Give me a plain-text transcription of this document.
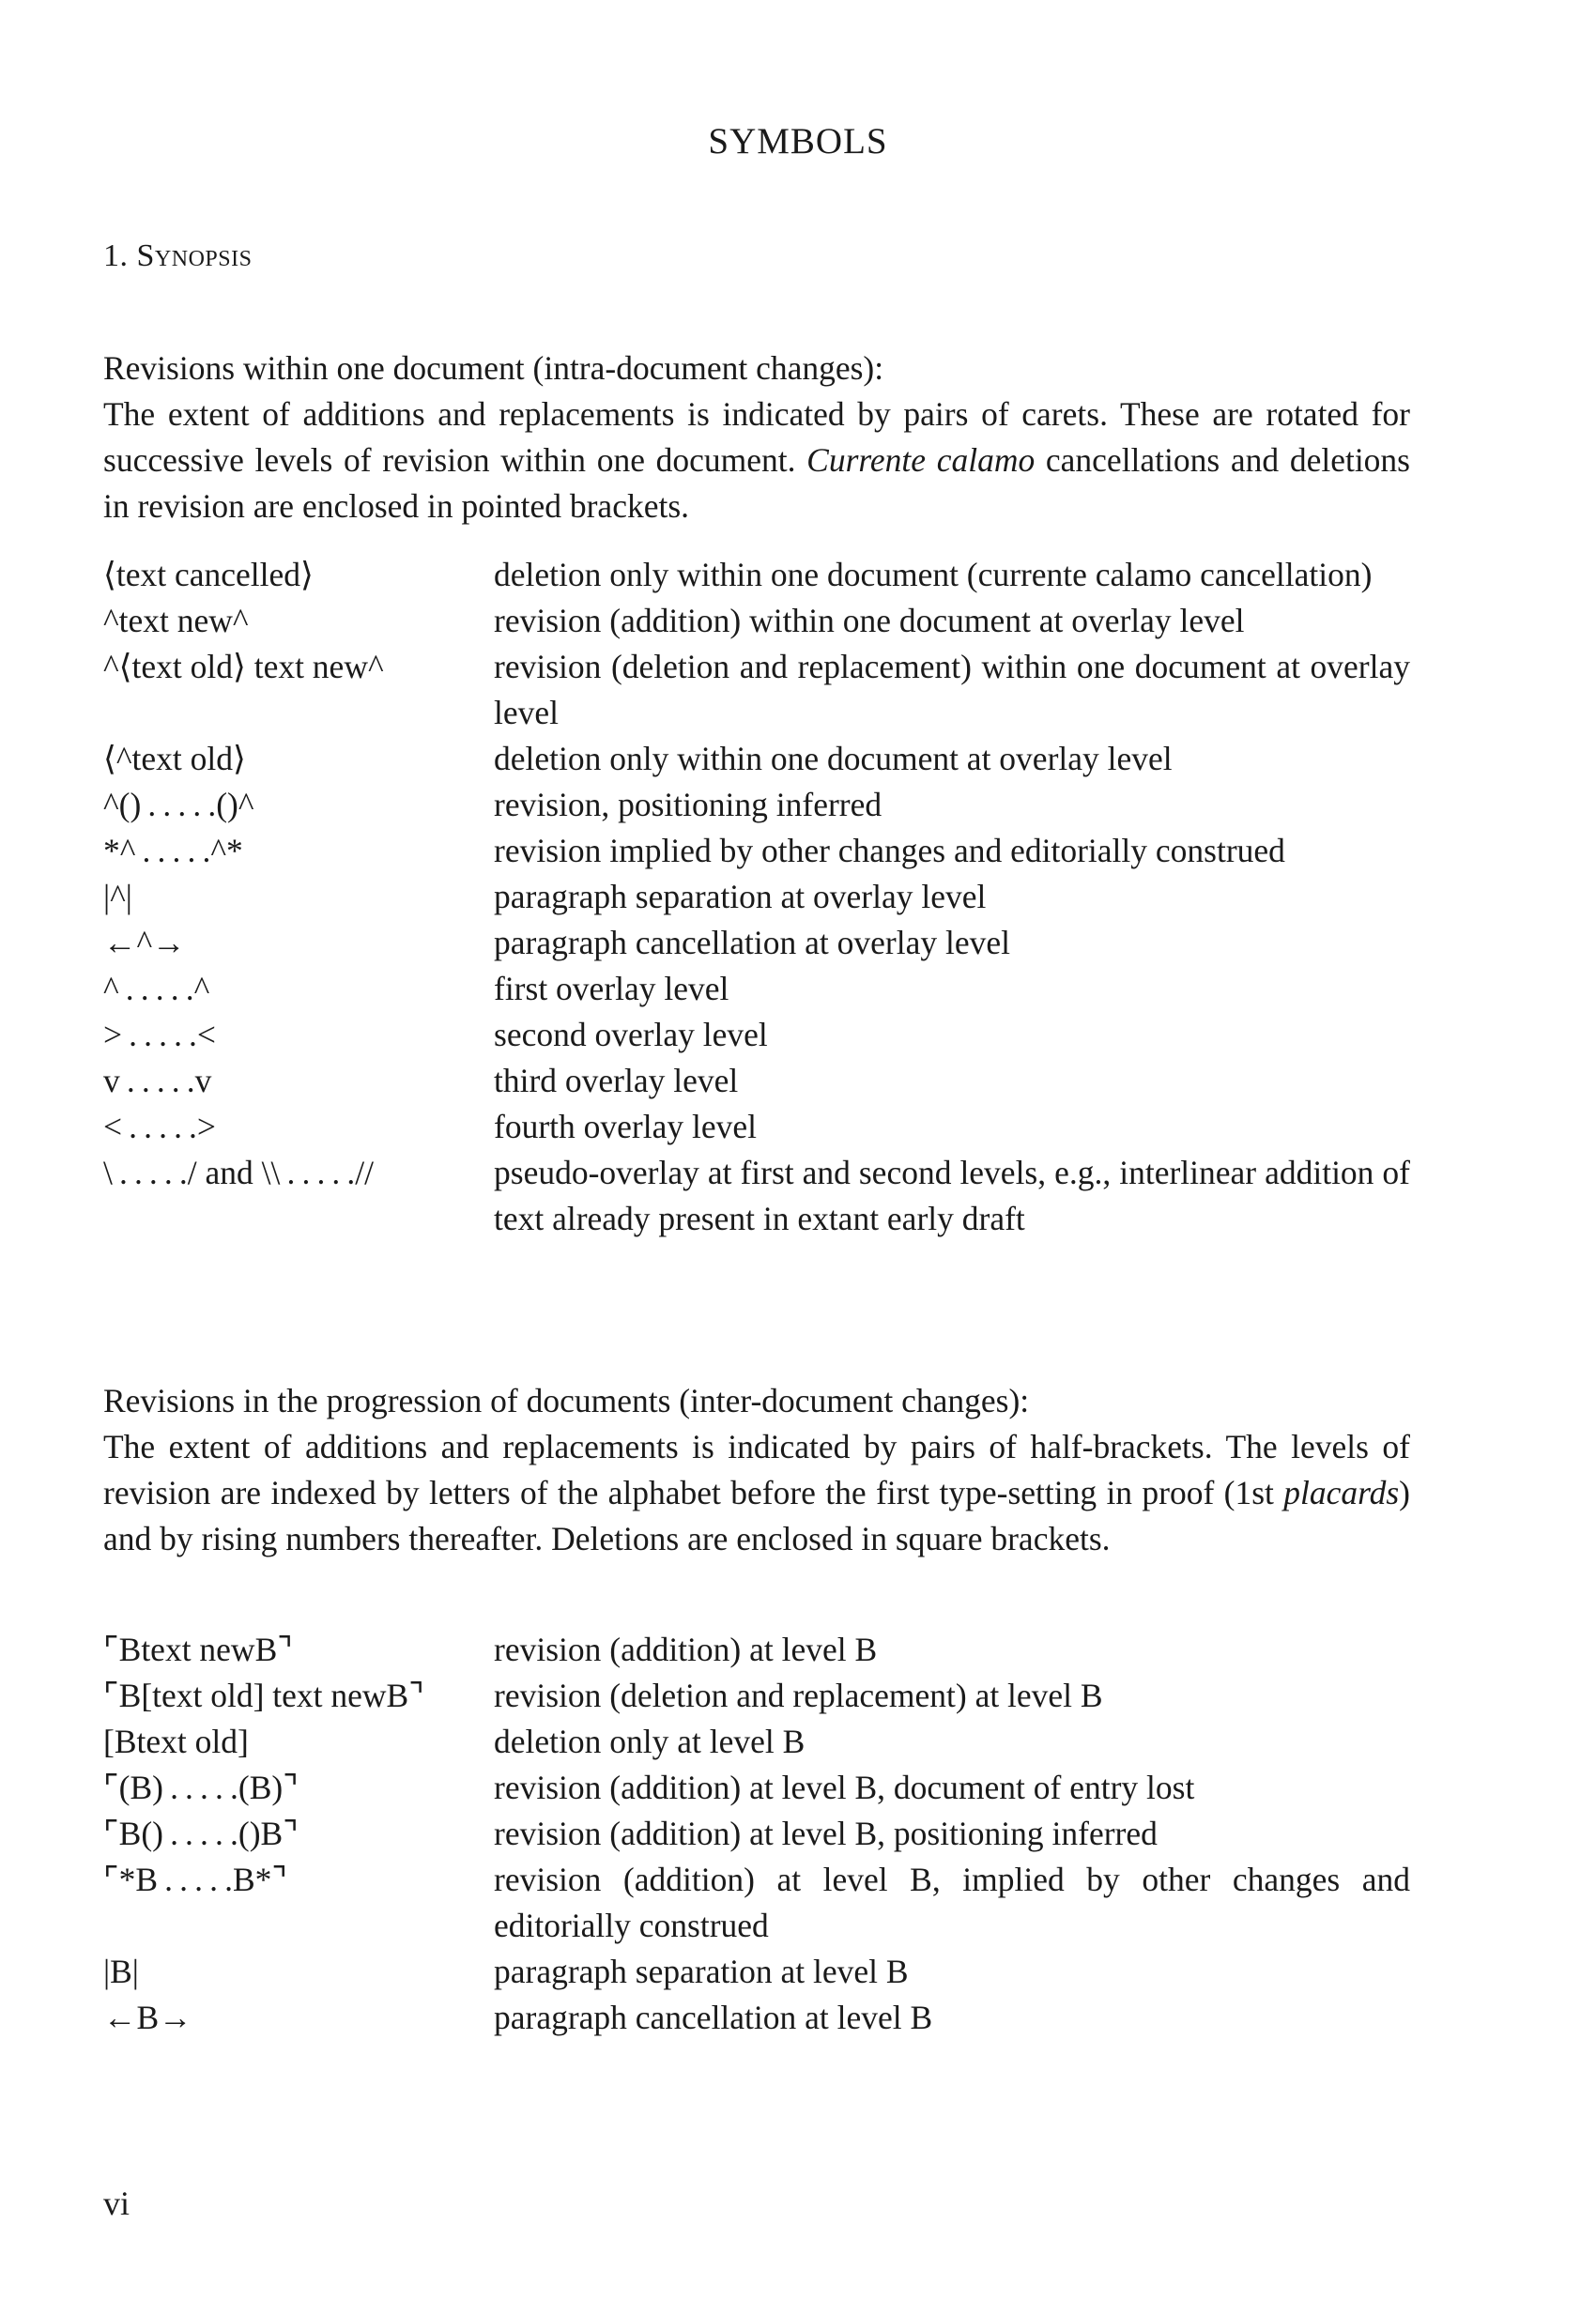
SYMBOLS
1. Synopsis

Revisions within one document (intra-document changes):

The extent of additions and replacements is indicated by pairs of carets. These are rotated for successive levels of revision within one document. Currente calamo cancellations and deletions in revision are enclosed in pointed brackets.

⟨text cancelled⟩	deletion only within one document (currente calamo cancellation)
^text new^	revision (addition) within one document at overlay level
^⟨text old⟩ text new^	revision (deletion and replacement) within one document at overlay level
⟨^text old⟩	deletion only within one document at overlay level
^() . . . . .()^	revision, positioning inferred
*^ . . . . .^*	revision implied by other changes and editorially construed
|^|	paragraph separation at overlay level
←^→	paragraph cancellation at overlay level
^ . . . . .^	first overlay level
> . . . . .<	second overlay level
v . . . . .v	third overlay level
< . . . . .>	fourth overlay level
\ . . . . ./ and \\ . . . . .//	pseudo-overlay at first and second levels, e.g., interlinear addition of text already present in extant early draft

Revisions in the progression of documents (inter-document changes):

The extent of additions and replacements is indicated by pairs of half-brackets. The levels of revision are indexed by letters of the alphabet before the first type-setting in proof (1st placards) and by rising numbers thereafter. Deletions are enclosed in square brackets.

⌜Btext newB⌝	revision (addition) at level B
⌜B[text old] text newB⌝	revision (deletion and replacement) at level B
[Btext old]	deletion only at level B
⌜(B) . . . . .(B)⌝	revision (addition) at level B, document of entry lost
⌜B() . . . . .()B⌝	revision (addition) at level B, positioning inferred
⌜*B . . . . .B*⌝	revision (addition) at level B, implied by other changes and editorially construed
|B|	paragraph separation at level B
←B→	paragraph cancellation at level B
vi
